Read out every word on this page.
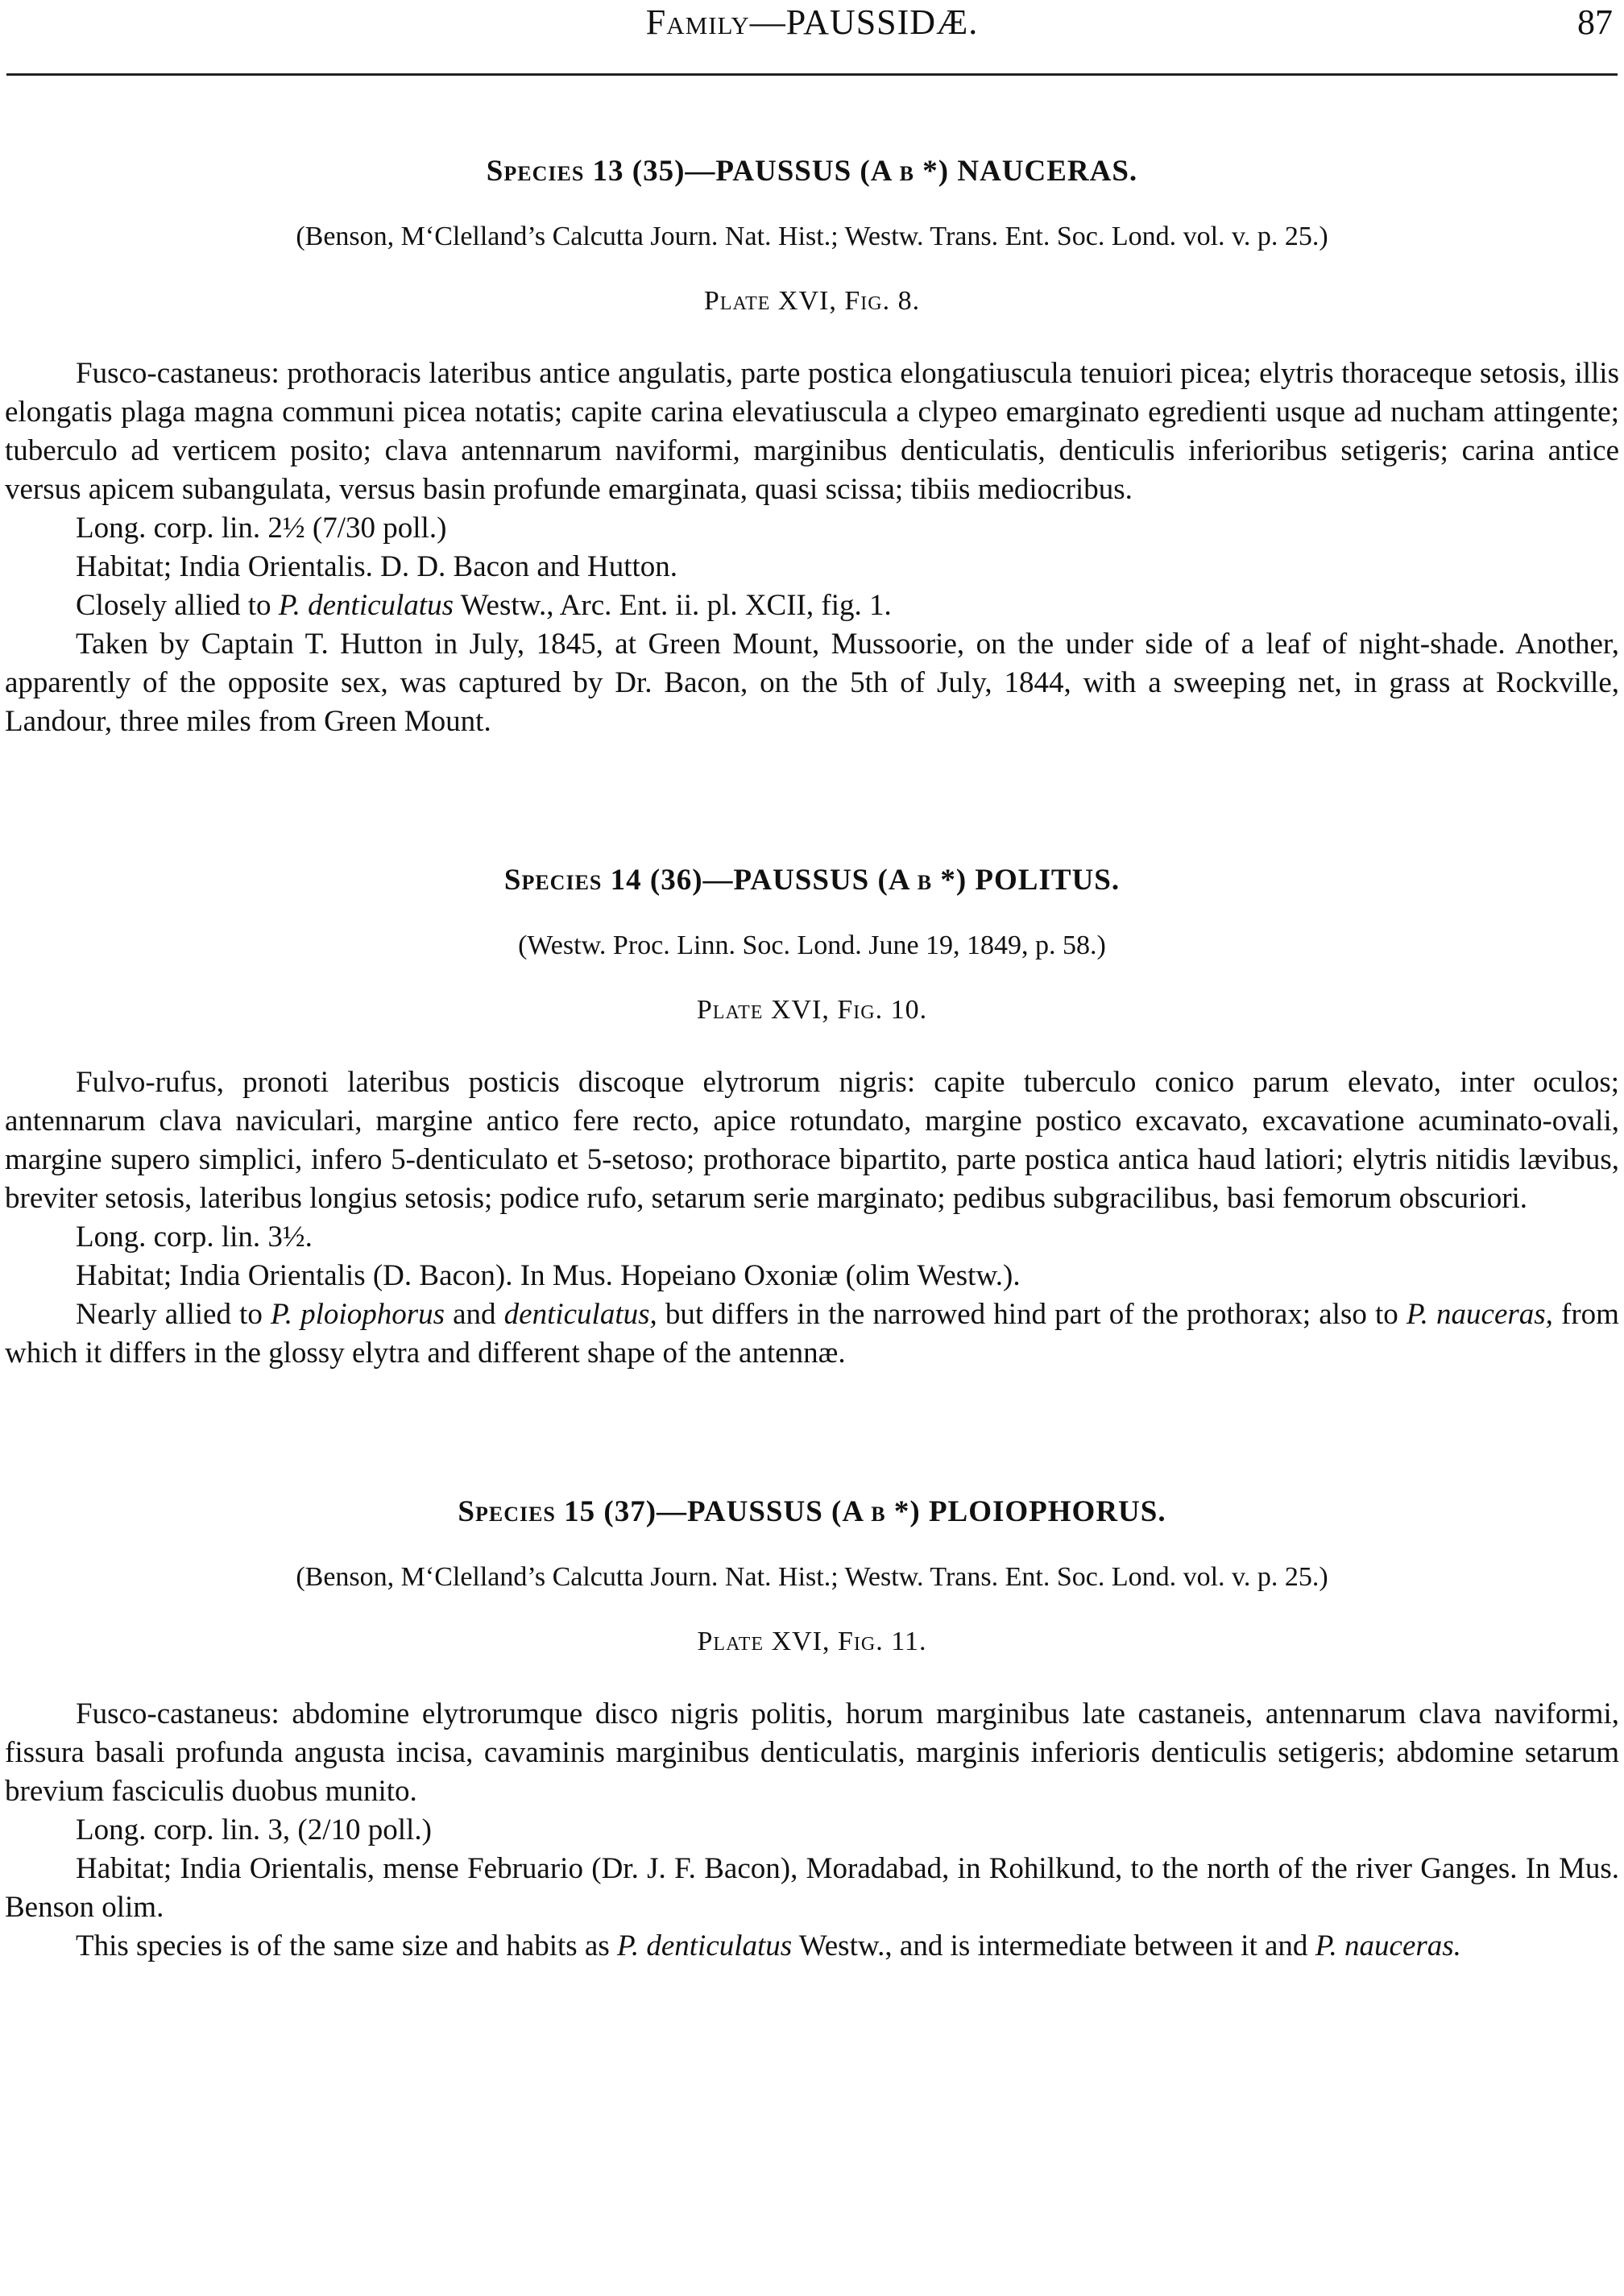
Family—PAUSSIDÆ.	87
Species 13 (35)—PAUSSUS (A b *) NAUCERAS.

(Benson, M‘Clelland’s Calcutta Journ. Nat. Hist.; Westw. Trans. Ent. Soc. Lond. vol. v. p. 25.)

Plate XVI, Fig. 8.

Fusco-castaneus: prothoracis lateribus antice angulatis, parte postica elongatiuscula tenuiori picea; elytris thoraceque setosis, illis elongatis plaga magna communi picea notatis; capite carina elevatiuscula a clypeo emarginato egredienti usque ad nucham attingente; tuberculo ad verticem posito; clava antennarum naviformi, marginibus denticulatis, denticulis inferioribus setigeris; carina antice versus apicem subangulata, versus basin profunde emarginata, quasi scissa; tibiis mediocribus.

Long. corp. lin. 2½ (7/30 poll.)

Habitat; India Orientalis. D. D. Bacon and Hutton.

Closely allied to P. denticulatus Westw., Arc. Ent. ii. pl. XCII, fig. 1.

Taken by Captain T. Hutton in July, 1845, at Green Mount, Mussoorie, on the under side of a leaf of night-shade. Another, apparently of the opposite sex, was captured by Dr. Bacon, on the 5th of July, 1844, with a sweeping net, in grass at Rockville, Landour, three miles from Green Mount.

Species 14 (36)—PAUSSUS (A b *) POLITUS.

(Westw. Proc. Linn. Soc. Lond. June 19, 1849, p. 58.)

Plate XVI, Fig. 10.

Fulvo-rufus, pronoti lateribus posticis discoque elytrorum nigris: capite tuberculo conico parum elevato, inter oculos; antennarum clava naviculari, margine antico fere recto, apice rotundato, margine postico excavato, excavatione acuminato-ovali, margine supero simplici, infero 5-denticulato et 5-setoso; prothorace bipartito, parte postica antica haud latiori; elytris nitidis lævibus, breviter setosis, lateribus longius setosis; podice rufo, setarum serie marginato; pedibus subgracilibus, basi femorum obscuriori.

Long. corp. lin. 3½.

Habitat; India Orientalis (D. Bacon). In Mus. Hopeiano Oxoniæ (olim Westw.).

Nearly allied to P. ploiophorus and denticulatus, but differs in the narrowed hind part of the prothorax; also to P. nauceras, from which it differs in the glossy elytra and different shape of the antennæ.

Species 15 (37)—PAUSSUS (A b *) PLOIOPHORUS.

(Benson, M‘Clelland’s Calcutta Journ. Nat. Hist.; Westw. Trans. Ent. Soc. Lond. vol. v. p. 25.)

Plate XVI, Fig. 11.

Fusco-castaneus: abdomine elytrorumque disco nigris politis, horum marginibus late castaneis, antennarum clava naviformi, fissura basali profunda angusta incisa, cavaminis marginibus denticulatis, marginis inferioris denticulis setigeris; abdomine setarum brevium fasciculis duobus munito.

Long. corp. lin. 3, (2/10 poll.)

Habitat; India Orientalis, mense Februario (Dr. J. F. Bacon), Moradabad, in Rohilkund, to the north of the river Ganges. In Mus. Benson olim.

This species is of the same size and habits as P. denticulatus Westw., and is intermediate between it and P. nauceras.
